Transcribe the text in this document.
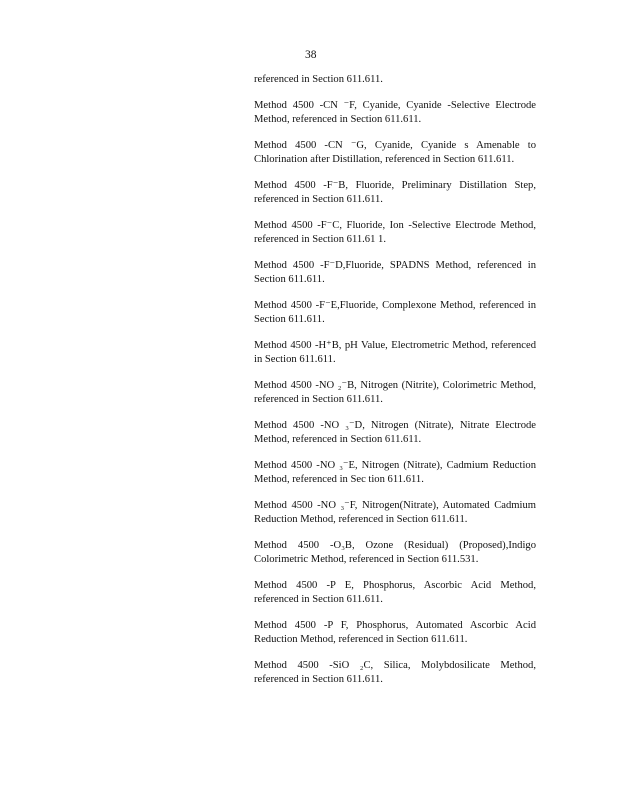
38

referenced in Section 611.611.

Method 4500 -CN ⁻F, Cyanide, Cyanide -Selective Electrode Method, referenced in Section 611.611.

Method 4500 -CN ⁻G, Cyanide, Cyanide s Amenable to Chlorination after Distillation, referenced in Section 611.611.

Method 4500 -F⁻B, Fluoride, Preliminary Distillation Step, referenced in Section 611.611.

Method 4500 -F⁻C, Fluoride, Ion -Selective Electrode Method, referenced in Section 611.61 1.

Method 4500 -F⁻D,Fluoride, SPADNS Method, referenced in Section 611.611.

Method 4500 -F⁻E,Fluoride, Complexone Method, referenced in Section 611.611.

Method 4500 -H⁺B, pH Value, Electrometric Method, referenced in Section 611.611.

Method 4500 -NO ₂⁻B, Nitrogen (Nitrite), Colorimetric Method, referenced in Section 611.611.

Method 4500 -NO ₃⁻D, Nitrogen (Nitrate), Nitrate Electrode Method, referenced in Section 611.611.

Method 4500 -NO ₃⁻E, Nitrogen (Nitrate), Cadmium Reduction Method, referenced in Sec tion 611.611.

Method 4500 -NO ₃⁻F, Nitrogen(Nitrate), Automated Cadmium Reduction Method, referenced in Section 611.611.

Method 4500 -O₃B, Ozone (Residual) (Proposed),Indigo Colorimetric Method, referenced in Section 611.531.

Method 4500 -P E, Phosphorus, Ascorbic Acid Method, referenced in Section 611.611.

Method 4500 -P F, Phosphorus, Automated Ascorbic Acid Reduction Method, referenced in Section 611.611.

Method 4500 -SiO ₂C, Silica, Molybdosilicate Method, referenced in Section 611.611.
